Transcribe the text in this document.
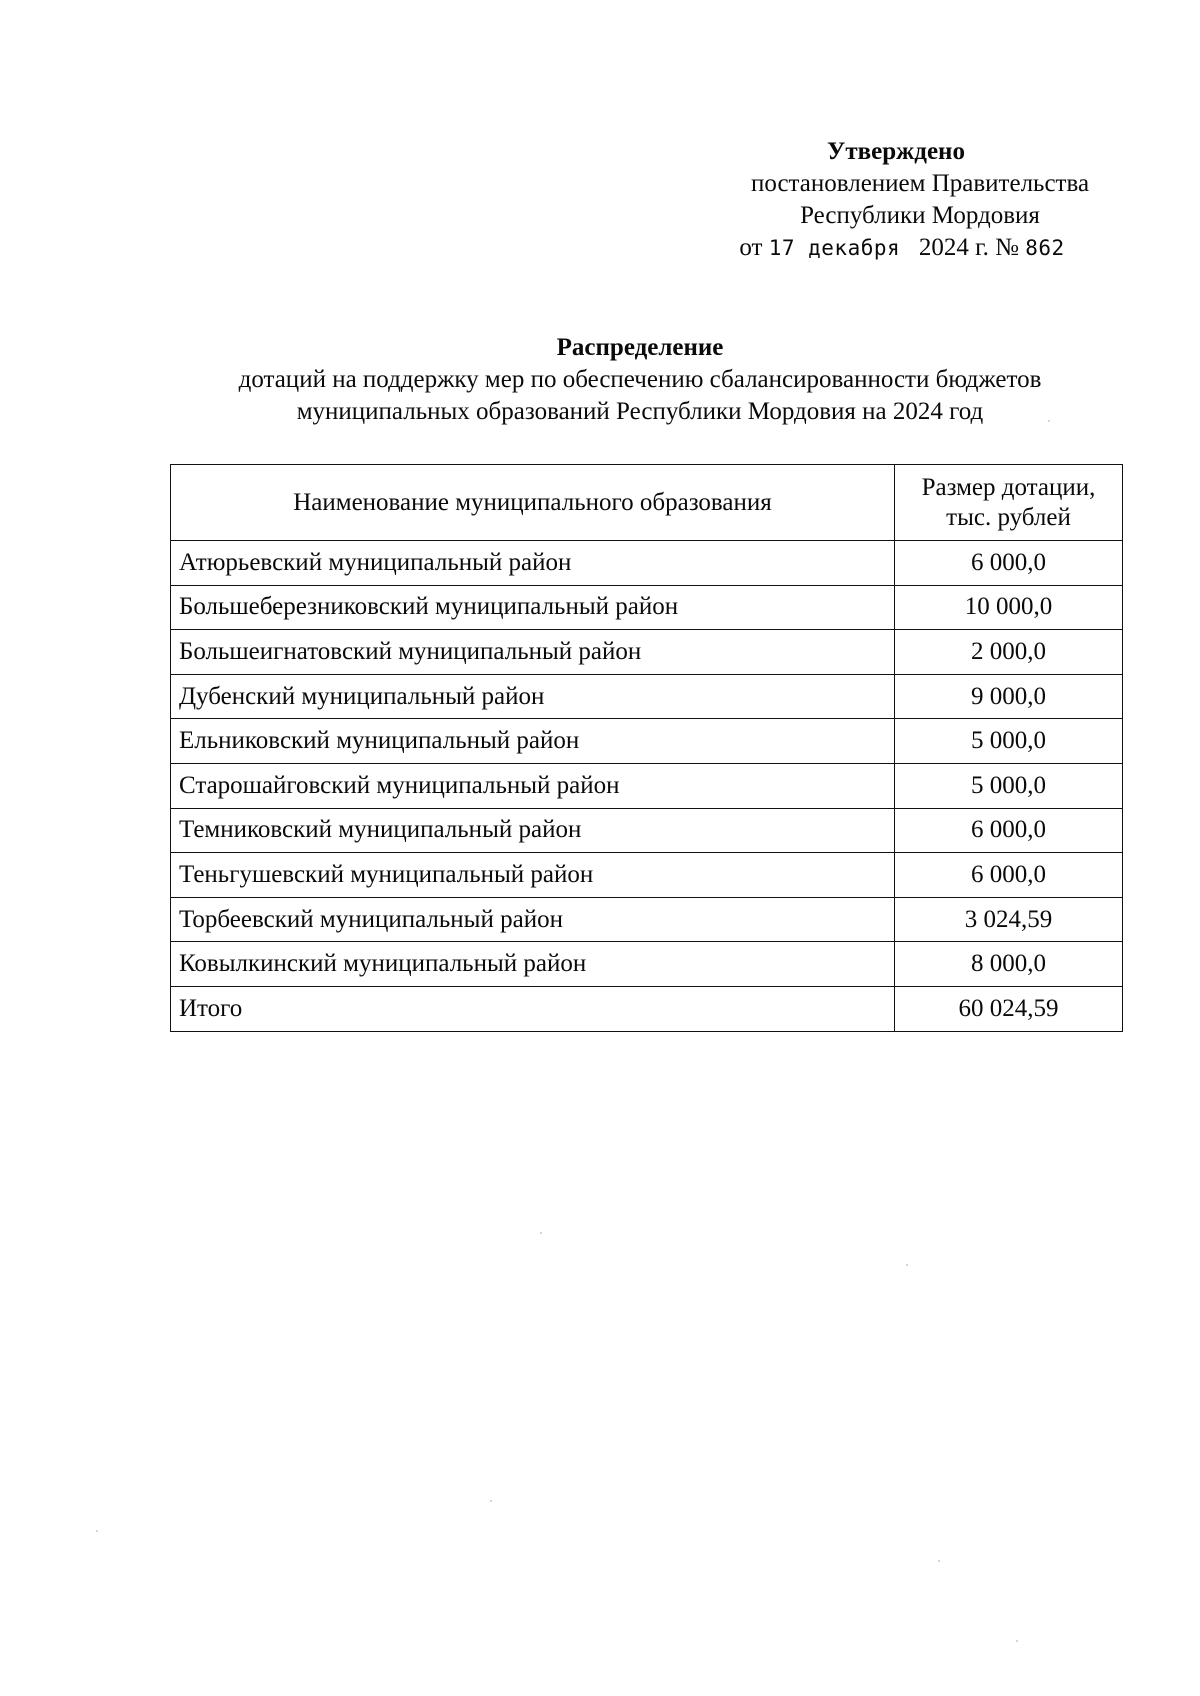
Утверждено
постановлением Правительства
Республики Мордовия
от 17 декабря 2024 г. № 862
Распределение
дотаций на поддержку мер по обеспечению сбалансированности бюджетов
муниципальных образований Республики Мордовия на 2024 год
Наименование муниципального образования	Размер дотации,
тыс. рублей
Атюрьевский муниципальный район	6 000,0
Большеберезниковский муниципальный район	10 000,0
Большеигнатовский муниципальный район	2 000,0
Дубенский муниципальный район	9 000,0
Ельниковский муниципальный район	5 000,0
Старошайговский муниципальный район	5 000,0
Темниковский муниципальный район	6 000,0
Теньгушевский муниципальный район	6 000,0
Торбеевский муниципальный район	3 024,59
Ковылкинский муниципальный район	8 000,0
Итого	60 024,59
